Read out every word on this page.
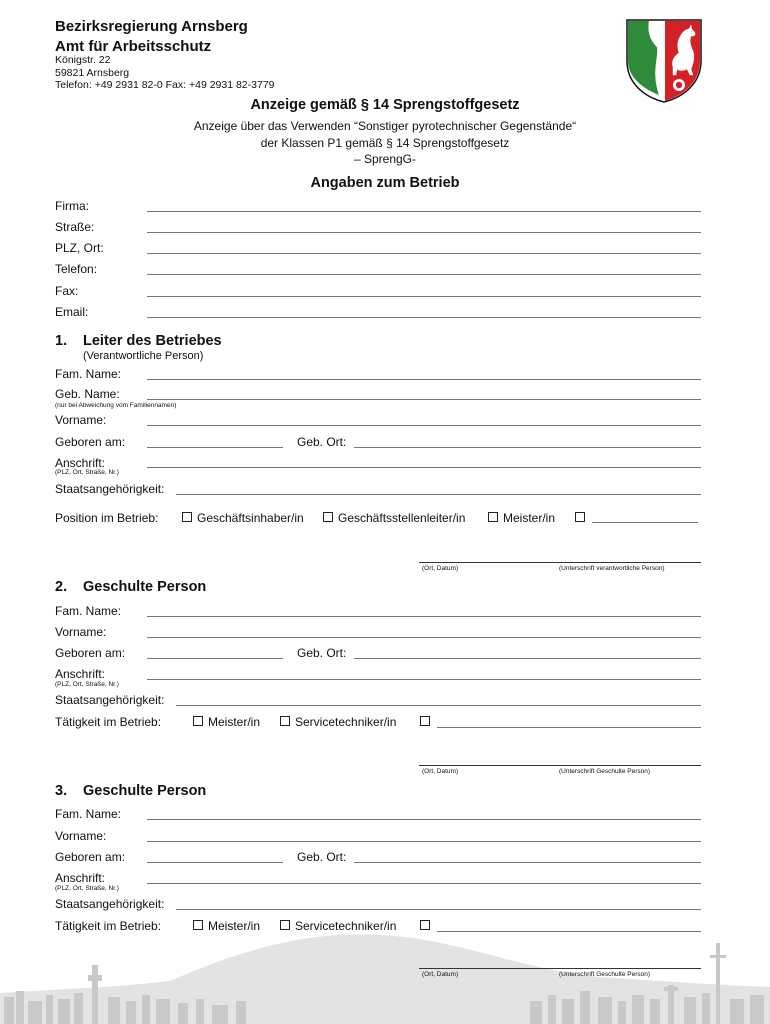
Bezirksregierung Arnsberg
Amt für Arbeitsschutz
Königstr. 22
59821 Arnsberg
Telefon: +49 2931 82-0 Fax: +49 2931 82-3779
Anzeige gemäß § 14 Sprengstoffgesetz
Anzeige über das Verwenden “Sonstiger pyrotechnischer Gegenstände“
der Klassen P1 gemäß § 14 Sprengstoffgesetz
– SprengG-
Angaben zum Betrieb
Firma:
Straße:
PLZ, Ort:
Telefon:
Fax:
Email:
1. Leiter des Betriebes
(Verantwortliche Person)
Fam. Name:
Geb. Name:
(nur bei Abweichung vom Familiennamen)
Vorname:
Geboren am:	Geb. Ort:
Anschrift:
(PLZ, Ort, Straße, Nr.)
Staatsangehörigkeit:
Position im Betrieb:	Geschäftsinhaber/in	Geschäftsstellenleiter/in	Meister/in
(Ort, Datum)	(Unterschrift verantwortliche Person)
2. Geschulte Person
Fam. Name:
Vorname:
Geboren am:	Geb. Ort:
Anschrift:
(PLZ, Ort, Straße, Nr.)
Staatsangehörigkeit:
Tätigkeit im Betrieb:	Meister/in	Servicetechniker/in
(Ort, Datum)	(Unterschrift Geschulte Person)
3. Geschulte Person
Fam. Name:
Vorname:
Geboren am:	Geb. Ort:
Anschrift:
(PLZ, Ort, Straße, Nr.)
Staatsangehörigkeit:
Tätigkeit im Betrieb:	Meister/in	Servicetechniker/in
(Ort, Datum)	(Unterschrift Geschulte Person)
